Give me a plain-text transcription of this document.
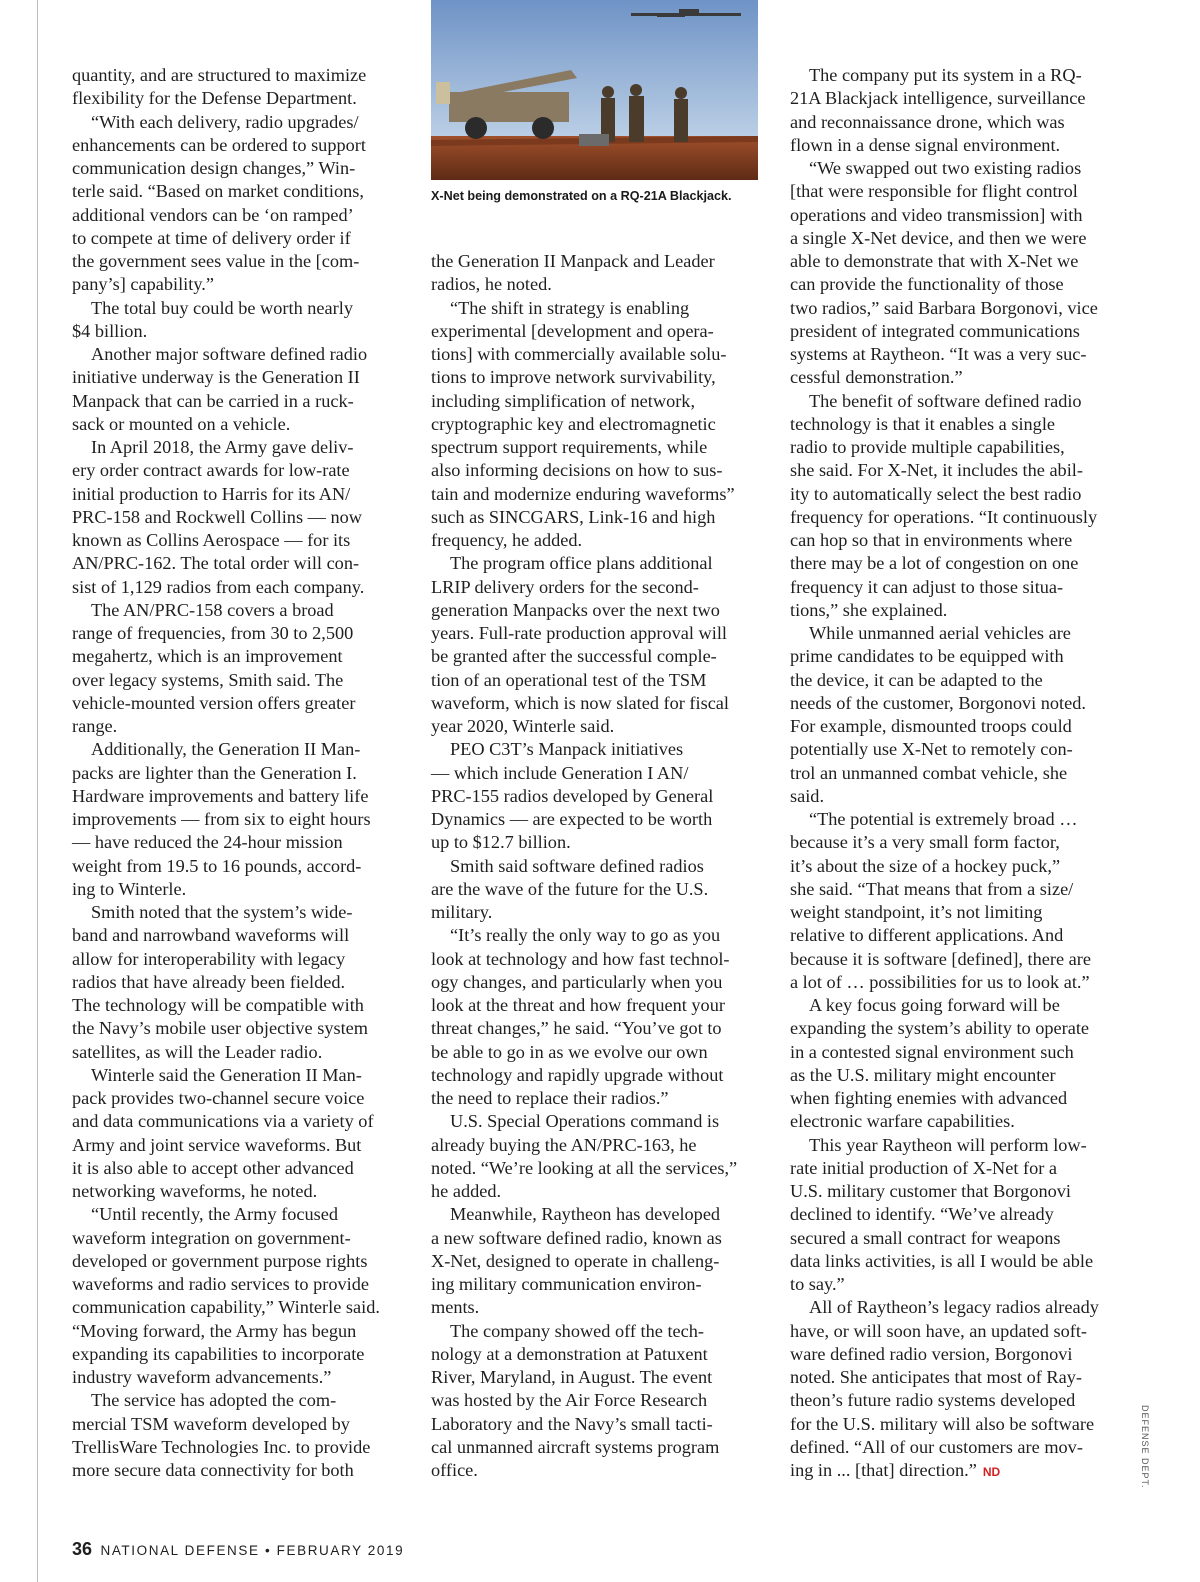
X-Net being demonstrated on a RQ-21A Blackjack.

quantity, and are structured to maximize
flexibility for the Defense Department.

“With each delivery, radio upgrades/
enhancements can be ordered to support
communication design changes,” Win-
terle said. “Based on market conditions,
additional vendors can be ‘on ramped’
to compete at time of delivery order if
the government sees value in the [com-
pany’s] capability.”

The total buy could be worth nearly
$4 billion.

Another major software defined radio
initiative underway is the Generation II
Manpack that can be carried in a ruck-
sack or mounted on a vehicle.

In April 2018, the Army gave deliv-
ery order contract awards for low-rate
initial production to Harris for its AN/
PRC-158 and Rockwell Collins — now
known as Collins Aerospace — for its
AN/PRC-162. The total order will con-
sist of 1,129 radios from each company.

The AN/PRC-158 covers a broad
range of frequencies, from 30 to 2,500
megahertz, which is an improvement
over legacy systems, Smith said. The
vehicle-mounted version offers greater
range.

Additionally, the Generation II Man-
packs are lighter than the Generation I.
Hardware improvements and battery life
improvements — from six to eight hours
— have reduced the 24-hour mission
weight from 19.5 to 16 pounds, accord-
ing to Winterle.

Smith noted that the system’s wide-
band and narrowband waveforms will
allow for interoperability with legacy
radios that have already been fielded.
The technology will be compatible with
the Navy’s mobile user objective system
satellites, as will the Leader radio.

Winterle said the Generation II Man-
pack provides two-channel secure voice
and data communications via a variety of
Army and joint service waveforms. But
it is also able to accept other advanced
networking waveforms, he noted.

“Until recently, the Army focused
waveform integration on government-
developed or government purpose rights
waveforms and radio services to provide
communication capability,” Winterle said.
“Moving forward, the Army has begun
expanding its capabilities to incorporate
industry waveform advancements.”

The service has adopted the com-
mercial TSM waveform developed by
TrellisWare Technologies Inc. to provide
more secure data connectivity for both

the Generation II Manpack and Leader
radios, he noted.

“The shift in strategy is enabling
experimental [development and opera-
tions] with commercially available solu-
tions to improve network survivability,
including simplification of network,
cryptographic key and electromagnetic
spectrum support requirements, while
also informing decisions on how to sus-
tain and modernize enduring waveforms”
such as SINCGARS, Link-16 and high
frequency, he added.

The program office plans additional
LRIP delivery orders for the second-
generation Manpacks over the next two
years. Full-rate production approval will
be granted after the successful comple-
tion of an operational test of the TSM
waveform, which is now slated for fiscal
year 2020, Winterle said.

PEO C3T’s Manpack initiatives
— which include Generation I AN/
PRC-155 radios developed by General
Dynamics — are expected to be worth
up to $12.7 billion.

Smith said software defined radios
are the wave of the future for the U.S.
military.

“It’s really the only way to go as you
look at technology and how fast technol-
ogy changes, and particularly when you
look at the threat and how frequent your
threat changes,” he said. “You’ve got to
be able to go in as we evolve our own
technology and rapidly upgrade without
the need to replace their radios.”

U.S. Special Operations command is
already buying the AN/PRC-163, he
noted. “We’re looking at all the services,”
he added.

Meanwhile, Raytheon has developed
a new software defined radio, known as
X-Net, designed to operate in challeng-
ing military communication environ-
ments.

The company showed off the tech-
nology at a demonstration at Patuxent
River, Maryland, in August. The event
was hosted by the Air Force Research
Laboratory and the Navy’s small tacti-
cal unmanned aircraft systems program
office.

The company put its system in a RQ-
21A Blackjack intelligence, surveillance
and reconnaissance drone, which was
flown in a dense signal environment.

“We swapped out two existing radios
[that were responsible for flight control
operations and video transmission] with
a single X-Net device, and then we were
able to demonstrate that with X-Net we
can provide the functionality of those
two radios,” said Barbara Borgonovi, vice
president of integrated communications
systems at Raytheon. “It was a very suc-
cessful demonstration.”

The benefit of software defined radio
technology is that it enables a single
radio to provide multiple capabilities,
she said. For X-Net, it includes the abil-
ity to automatically select the best radio
frequency for operations. “It continuously
can hop so that in environments where
there may be a lot of congestion on one
frequency it can adjust to those situa-
tions,” she explained.

While unmanned aerial vehicles are
prime candidates to be equipped with
the device, it can be adapted to the
needs of the customer, Borgonovi noted.
For example, dismounted troops could
potentially use X-Net to remotely con-
trol an unmanned combat vehicle, she
said.

“The potential is extremely broad …
because it’s a very small form factor,
it’s about the size of a hockey puck,”
she said. “That means that from a size/
weight standpoint, it’s not limiting
relative to different applications. And
because it is software [defined], there are
a lot of … possibilities for us to look at.”

A key focus going forward will be
expanding the system’s ability to operate
in a contested signal environment such
as the U.S. military might encounter
when fighting enemies with advanced
electronic warfare capabilities.

This year Raytheon will perform low-
rate initial production of X-Net for a
U.S. military customer that Borgonovi
declined to identify. “We’ve already
secured a small contract for weapons
data links activities, is all I would be able
to say.”

All of Raytheon’s legacy radios already
have, or will soon have, an updated soft-
ware defined radio version, Borgonovi
noted. She anticipates that most of Ray-
theon’s future radio systems developed
for the U.S. military will also be software
defined. “All of our customers are mov-
ing in ... [that] direction.” ND

36 NATIONAL DEFENSE • FEBRUARY 2019
DEFENSE DEPT.
